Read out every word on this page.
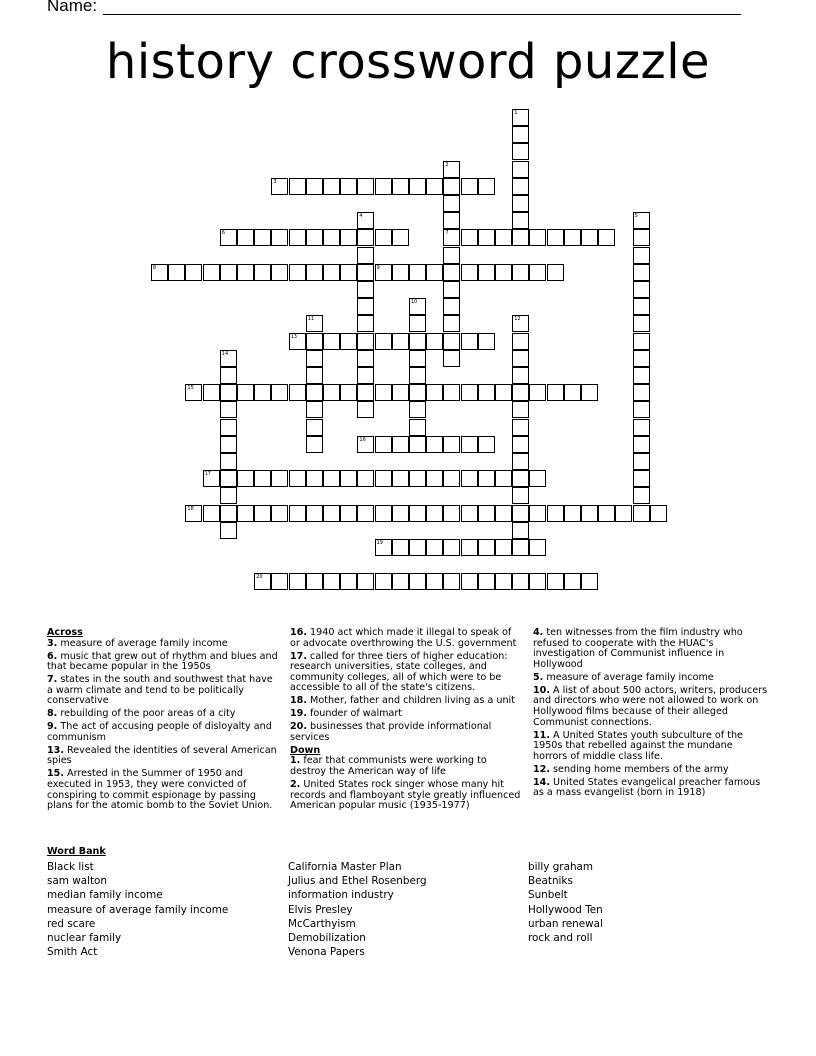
Name:
history crossword puzzle
1
2
7
3
4	5
6
8	9
10
11	12
13
14
15
16
17
18
19
20
Across
3. measure of average family income
6. music that grew out of rhythm and blues and that became popular in the 1950s
7. states in the south and southwest that have a warm climate and tend to be politically conservative
8. rebuilding of the poor areas of a city
9. The act of accusing people of disloyalty and communism
13. Revealed the identities of several American spies
15. Arrested in the Summer of 1950 and executed in 1953, they were convicted of conspiring to commit espionage by passing plans for the atomic bomb to the Soviet Union.
16. 1940 act which made it illegal to speak of or advocate overthrowing the U.S. government
17. called for three tiers of higher education: research universities, state colleges, and community colleges, all of which were to be accessible to all of the state's citizens.
18. Mother, father and children living as a unit
19. founder of walmart
20. businesses that provide informational services
Down
1. fear that communists were working to destroy the American way of life
2. United States rock singer whose many hit records and flamboyant style greatly influenced American popular music (1935-1977)
4. ten witnesses from the film industry who refused to cooperate with the HUAC's investigation of Communist influence in Hollywood
5. measure of average family income
10. A list of about 500 actors, writers, producers and directors who were not allowed to work on Hollywood films because of their alleged Communist connections.
11. A United States youth subculture of the 1950s that rebelled against the mundane horrors of middle class life.
12. sending home members of the army
14. United States evangelical preacher famous as a mass evangelist (born in 1918)
Word Bank
Black list
sam walton
median family income
measure of average family income
red scare
nuclear family
Smith Act
California Master Plan
Julius and Ethel Rosenberg
information industry
Elvis Presley
McCarthyism
Demobilization
Venona Papers
billy graham
Beatniks
Sunbelt
Hollywood Ten
urban renewal
rock and roll
